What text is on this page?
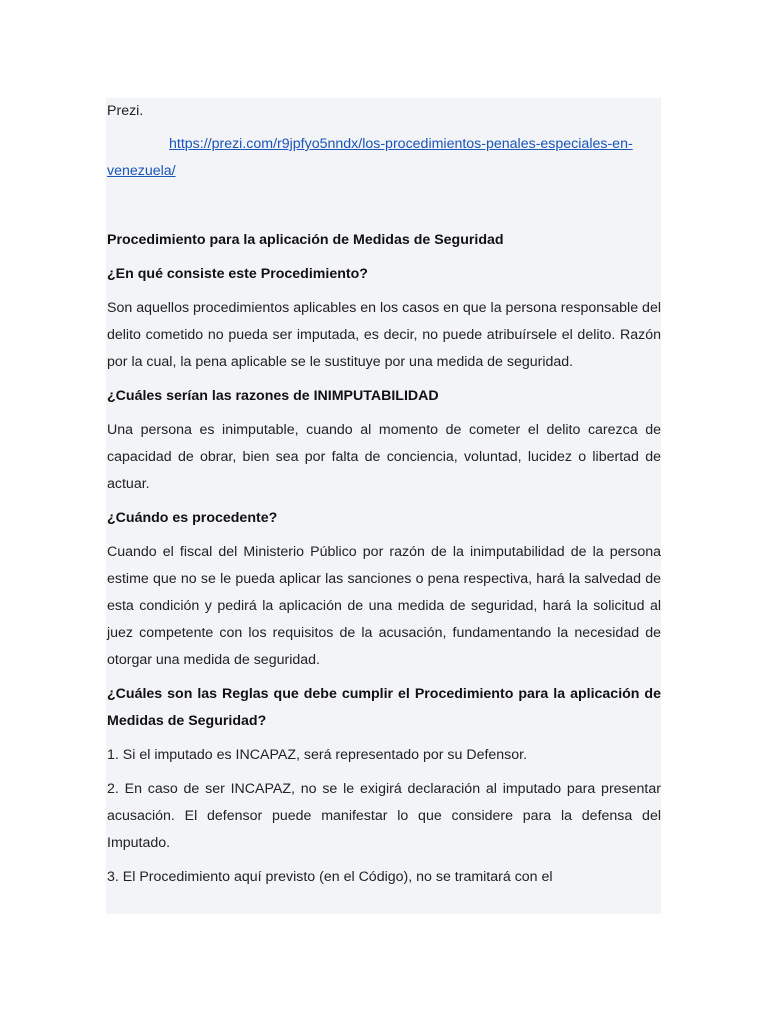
Prezi.

https://prezi.com/r9jpfyo5nndx/los-procedimientos-penales-especiales-en-venezuela/

Procedimiento para la aplicación de Medidas de Seguridad

¿En qué consiste este Procedimiento?

Son aquellos procedimientos aplicables en los casos en que la persona responsable del delito cometido no pueda ser imputada, es decir, no puede atribuírsele el delito. Razón por la cual, la pena aplicable se le sustituye por una medida de seguridad.

¿Cuáles serían las razones de INIMPUTABILIDAD

Una persona es inimputable, cuando al momento de cometer el delito carezca de capacidad de obrar, bien sea por falta de conciencia, voluntad, lucidez o libertad de actuar.

¿Cuándo es procedente?

Cuando el fiscal del Ministerio Público por razón de la inimputabilidad de la persona estime que no se le pueda aplicar las sanciones o pena respectiva, hará la salvedad de esta condición y pedirá la aplicación de una medida de seguridad, hará la solicitud al juez competente con los requisitos de la acusación, fundamentando la necesidad de otorgar una medida de seguridad.

¿Cuáles son las Reglas que debe cumplir el Procedimiento para la aplicación de Medidas de Seguridad?

1. Si el imputado es INCAPAZ, será representado por su Defensor.

2. En caso de ser INCAPAZ, no se le exigirá declaración al imputado para presentar acusación. El defensor puede manifestar lo que considere para la defensa del Imputado.

3. El Procedimiento aquí previsto (en el Código), no se tramitará con el
